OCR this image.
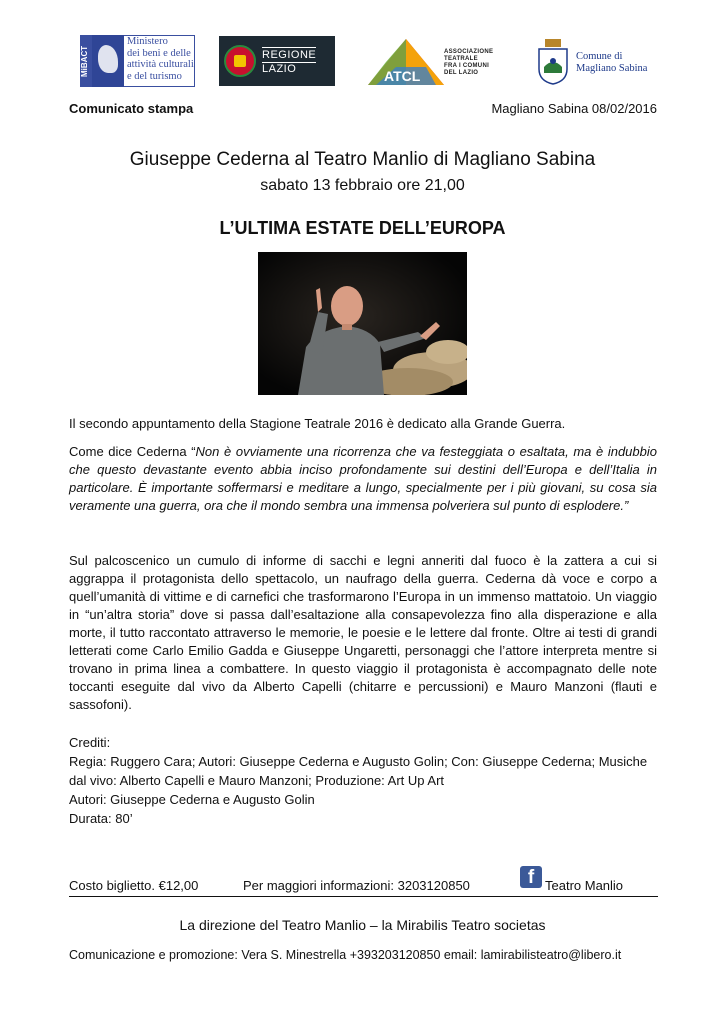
MiBACT
Ministero
dei beni e delle
attività culturali
e del turismo
REGIONE
LAZIO	ATCL
ASSOCIAZIONE
TEATRALE
FRA I COMUNI
DEL LAZIO
Comune di
Magliano Sabina
Comunicato stampa	Magliano Sabina 08/02/2016
Giuseppe Cederna al Teatro Manlio di Magliano Sabina
sabato 13 febbraio ore 21,00
L’ULTIMA ESTATE DELL’EUROPA
Il secondo appuntamento della Stagione Teatrale 2016 è dedicato alla Grande Guerra.
Come dice Cederna “Non è ovviamente una ricorrenza che va festeggiata o esaltata, ma è indubbio che questo devastante evento abbia inciso profondamente sui destini dell’Europa e dell’Italia in particolare. È importante soffermarsi e meditare a lungo, specialmente per i più giovani, su cosa sia veramente una guerra, ora che il mondo sembra una immensa polveriera sul punto di esplodere.”
Sul palcoscenico un cumulo di informe di sacchi e legni anneriti dal fuoco è la zattera a cui si aggrappa il protagonista dello spettacolo, un naufrago della guerra. Cederna dà voce e corpo a quell’umanità di vittime e di carnefici che trasformarono l’Europa in un immenso mattatoio. Un viaggio in “un’altra storia” dove si passa dall’esaltazione alla consapevolezza fino alla disperazione e alla morte, il tutto raccontato attraverso le memorie, le poesie e le lettere dal fronte. Oltre ai testi di grandi letterati come Carlo Emilio Gadda e Giuseppe Ungaretti, personaggi che l’attore interpreta mentre si trovano in prima linea a combattere. In questo viaggio il protagonista è accompagnato delle note toccanti eseguite dal vivo da Alberto Capelli (chitarre e percussioni) e Mauro Manzoni (flauti e sassofoni).
Crediti:
Regia: Ruggero Cara; Autori: Giuseppe Cederna e Augusto Golin; Con: Giuseppe Cederna; Musiche dal vivo: Alberto Capelli e Mauro Manzoni; Produzione: Art Up Art
Autori: Giuseppe Cederna e Augusto Golin
Durata: 80’
Costo biglietto. €12,00	Per maggiori informazioni: 3203120850	f Teatro Manlio
La direzione del Teatro Manlio – la Mirabilis Teatro societas
Comunicazione e promozione: Vera S. Minestrella +393203120850 email: lamirabilisteatro@libero.it
